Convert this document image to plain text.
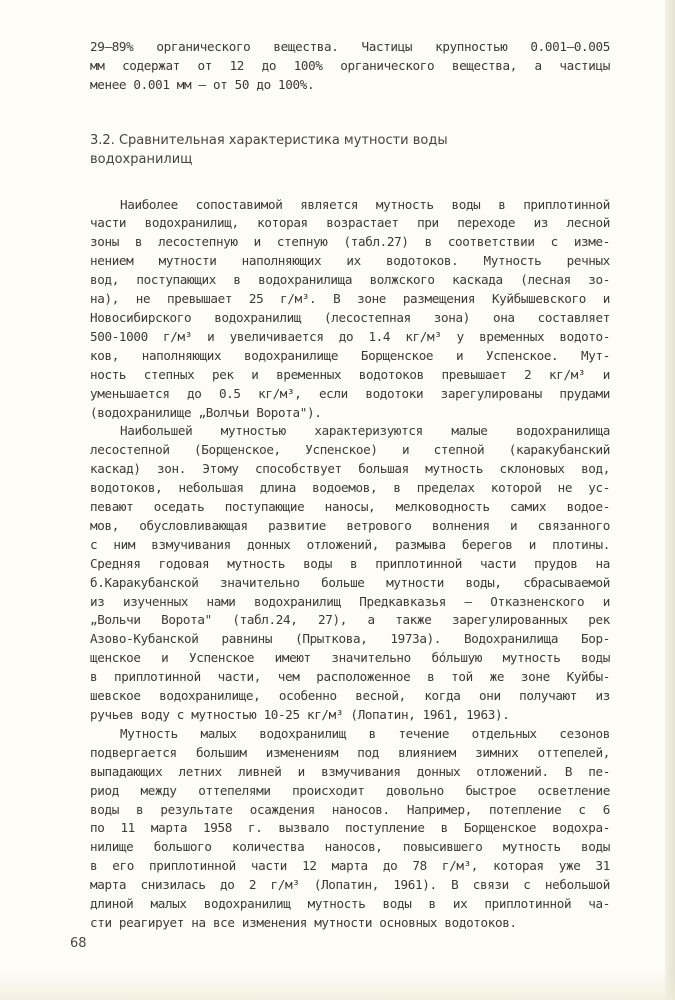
29–89% органического вещества. Частицы крупностью 0.001–0.005
мм содержат от 12 до 100% органического вещества, а частицы
менее 0.001 мм – от 50 до 100%.
3.2. Сравнительная характеристика мутности воды
водохранилищ
Наиболее сопоставимой является мутность воды в приплотинной
части водохранилищ, которая возрастает при переходе из лесной
зоны в лесостепную и степную (табл.27) в соответствии с изме-
нением мутности наполняющих их водотоков. Мутность речных
вод, поступающих в водохранилища волжского каскада (лесная зо-
на), не превышает 25 г/м³. В зоне размещения Куйбышевского и
Новосибирского водохранилищ (лесостепная зона) она составляет
500-1000 г/м³ и увеличивается до 1.4 кг/м³ у временных водото-
ков, наполняющих водохранилище Борщенское и Успенское. Мут-
ность степных рек и временных водотоков превышает 2 кг/м³ и
уменьшается до 0.5 кг/м³, если водотоки зарегулированы прудами
(водохранилище „Волчьи Ворота").
Наибольшей мутностью характеризуются малые водохранилища
лесостепной (Борщенское, Успенское) и степной (каракубанский
каскад) зон. Этому способствует большая мутность склоновых вод,
водотоков, небольшая длина водоемов, в пределах которой не ус-
певают оседать поступающие наносы, мелководность самих водое-
мов, обусловливающая развитие ветрового волнения и связанного
с ним взмучивания донных отложений, размыва берегов и плотины.
Средняя годовая мутность воды в приплотинной части прудов на
б.Каракубанской значительно больше мутности воды, сбрасываемой
из изученных нами водохранилищ Предкавказья – Отказненского и
„Вольчи Ворота" (табл.24, 27), а также зарегулированных рек
Азово-Кубанской равнины (Прыткова, 1973а). Водохранилища Бор-
щенское и Успенское имеют значительно бо́льшую мутность воды
в приплотинной части, чем расположенное в той же зоне Куйбы-
шевское водохранилище, особенно весной, когда они получают из
ручьев воду с мутностью 10-25 кг/м³ (Лопатин, 1961, 1963).
Мутность малых водохранилищ в течение отдельных сезонов
подвергается большим изменениям под влиянием зимних оттепелей,
выпадающих летних ливней и взмучивания донных отложений. В пе-
риод между оттепелями происходит довольно быстрое осветление
воды в результате осаждения наносов. Например, потепление с 6
по 11 марта 1958 г. вызвало поступление в Борщенское водохра-
нилище большого количества наносов, повысившего мутность воды
в его приплотинной части 12 марта до 78 г/м³, которая уже 31
марта снизилась до 2 г/м³ (Лопатин, 1961). В связи с небольшой
длиной малых водохранилищ мутность воды в их приплотинной ча-
сти реагирует на все изменения мутности основных водотоков.
68
